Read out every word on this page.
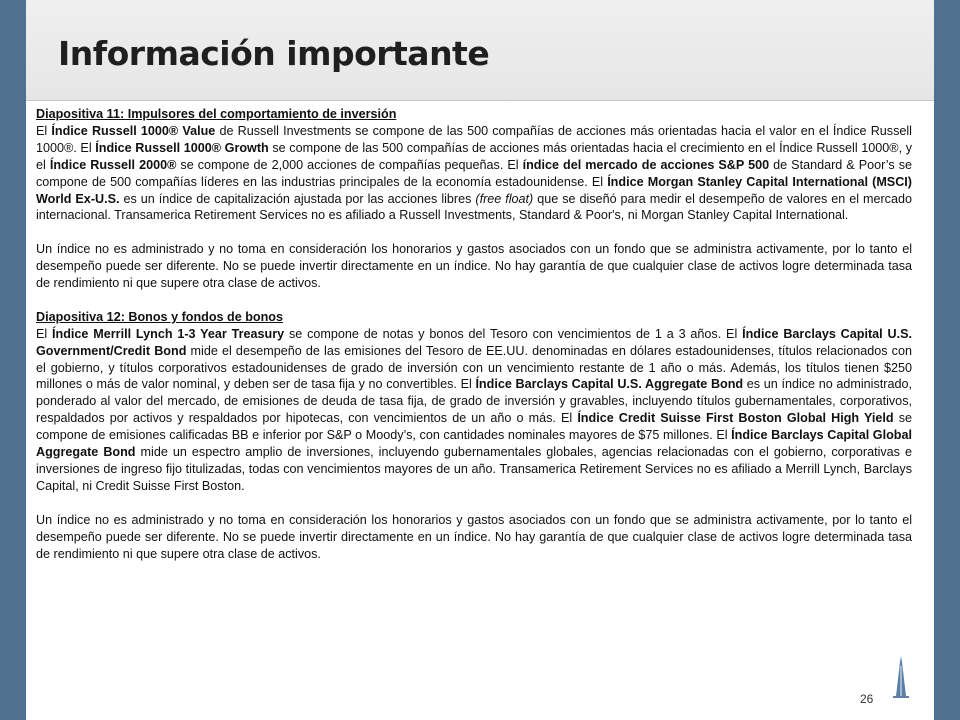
Información importante

Diapositiva 11: Impulsores del comportamiento de inversión

El Índice Russell 1000® Value de Russell Investments se compone de las 500 compañías de acciones más orientadas hacia el valor en el Índice Russell 1000®. El Índice Russell 1000® Growth se compone de las 500 compañías de acciones más orientadas hacia el crecimiento en el Índice Russell 1000®, y el Índice Russell 2000® se compone de 2,000 acciones de compañías pequeñas. El índice del mercado de acciones S&P 500 de Standard & Poor’s se compone de 500 compañías líderes en las industrias principales de la economía estadounidense. El Índice Morgan Stanley Capital International (MSCI) World Ex-U.S. es un índice de capitalización ajustada por las acciones libres (free float) que se diseñó para medir el desempeño de valores en el mercado internacional. Transamerica Retirement Services no es afiliado a Russell Investments, Standard & Poor's, ni Morgan Stanley Capital International.

Un índice no es administrado y no toma en consideración los honorarios y gastos asociados con un fondo que se administra activamente, por lo tanto el desempeño puede ser diferente. No se puede invertir directamente en un índice. No hay garantía de que cualquier clase de activos logre determinada tasa de rendimiento ni que supere otra clase de activos.

Diapositiva 12: Bonos y fondos de bonos

El Índice Merrill Lynch 1-3 Year Treasury se compone de notas y bonos del Tesoro con vencimientos de 1 a 3 años. El Índice Barclays Capital U.S. Government/Credit Bond mide el desempeño de las emisiones del Tesoro de EE.UU. denominadas en dólares estadounidenses, títulos relacionados con el gobierno, y títulos corporativos estadounidenses de grado de inversión con un vencimiento restante de 1 año o más. Además, los títulos tienen $250 millones o más de valor nominal, y deben ser de tasa fija y no convertibles. El Índice Barclays Capital U.S. Aggregate Bond es un índice no administrado, ponderado al valor del mercado, de emisiones de deuda de tasa fija, de grado de inversión y gravables, incluyendo títulos gubernamentales, corporativos, respaldados por activos y respaldados por hipotecas, con vencimientos de un año o más. El Índice Credit Suisse First Boston Global High Yield se compone de emisiones calificadas BB e inferior por S&P o Moody’s, con cantidades nominales mayores de $75 millones. El Índice Barclays Capital Global Aggregate Bond mide un espectro amplio de inversiones, incluyendo gubernamentales globales, agencias relacionadas con el gobierno, corporativas e inversiones de ingreso fijo titulizadas, todas con vencimientos mayores de un año. Transamerica Retirement Services no es afiliado a Merrill Lynch, Barclays Capital, ni Credit Suisse First Boston.

Un índice no es administrado y no toma en consideración los honorarios y gastos asociados con un fondo que se administra activamente, por lo tanto el desempeño puede ser diferente. No se puede invertir directamente en un índice. No hay garantía de que cualquier clase de activos logre determinada tasa de rendimiento ni que supere otra clase de activos.

26
